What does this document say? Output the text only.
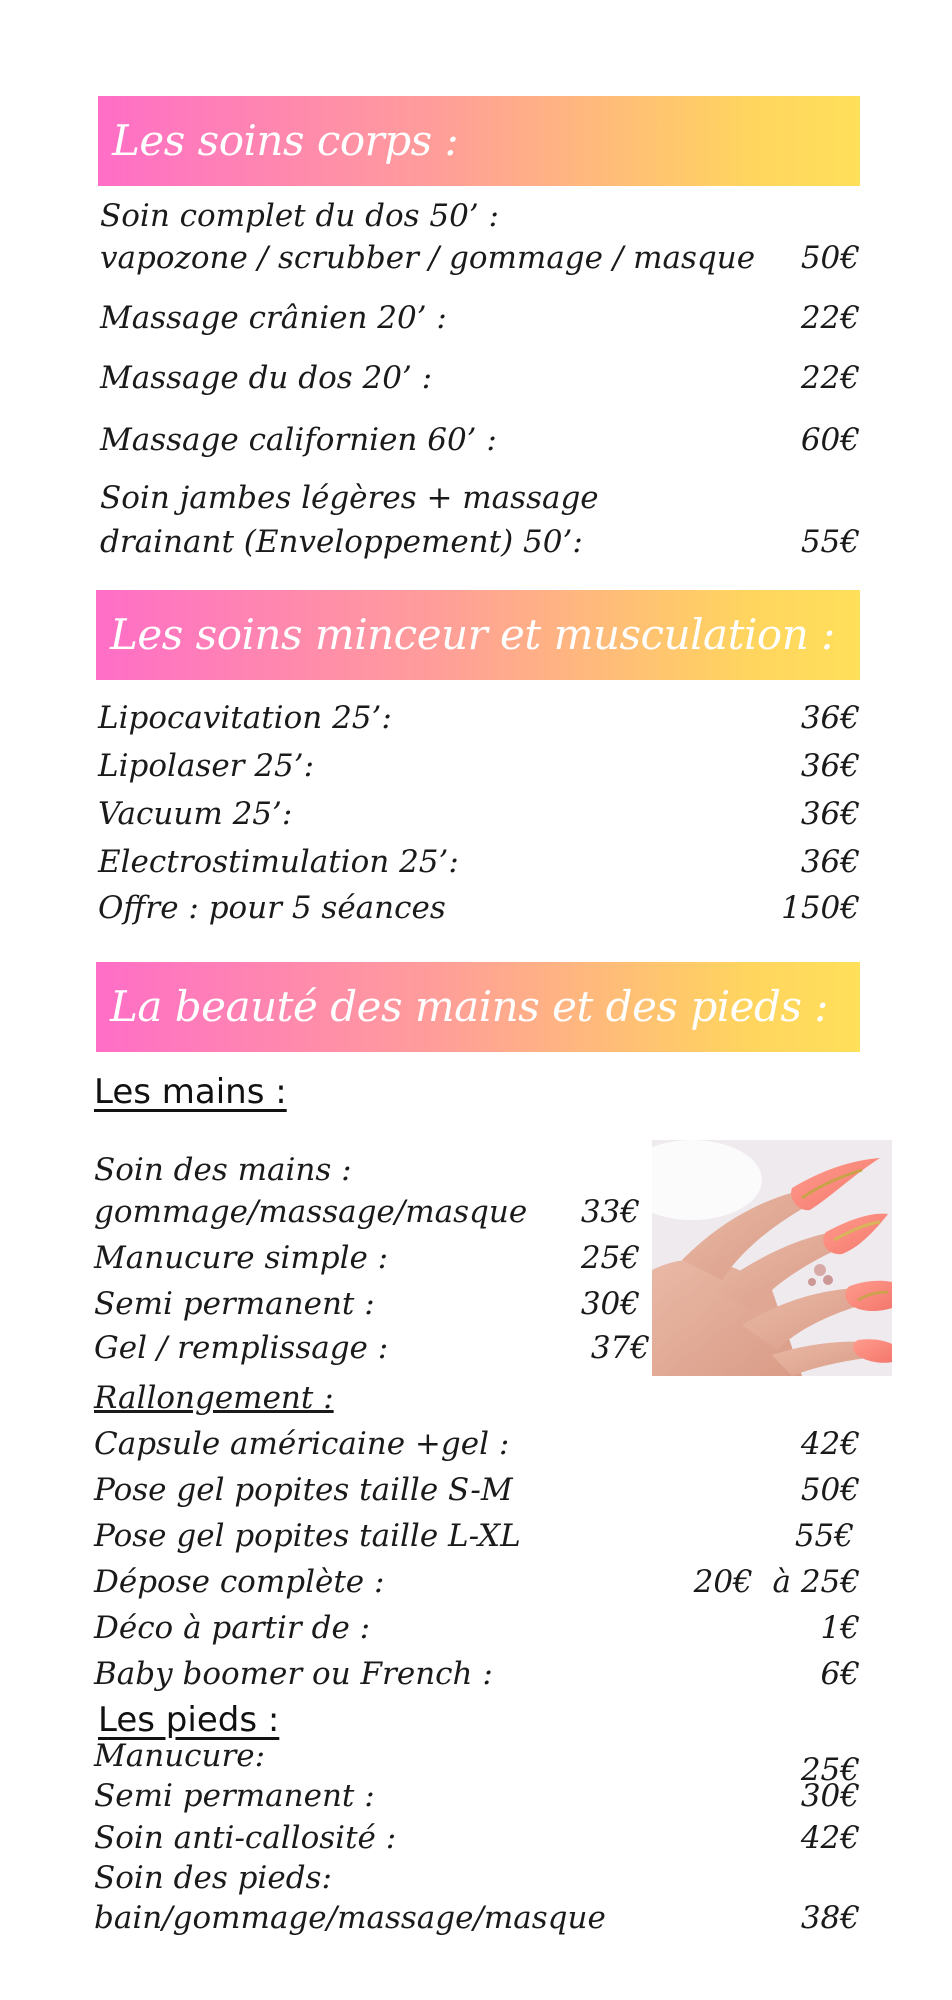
Les soins corps :
Soin complet du dos 50’ :
vapozone / scrubber / gommage / masque 50€
Massage crânien 20’ :	22€
Massage du dos 20’ :	22€
Massage californien 60’ :	60€
Soin jambes légères + massage
drainant (Enveloppement) 50’:	55€
Les soins minceur et musculation :
Lipocavitation 25’:	36€
Lipolaser 25’:	36€
Vacuum 25’:	36€
Electrostimulation 25’:	36€
Offre : pour 5 séances	150€
La beauté des mains et des pieds :
Les mains :
Soin des mains :
gommage/massage/masque 33€
Manucure simple :	25€
Semi permanent :	30€
Gel / remplissage :	37€
Rallongement :
Capsule américaine +gel :	42€
Pose gel popites taille S-M	50€
Pose gel popites taille L-XL	55€
Dépose complète :	20€  à 25€
Déco à partir de :	1€
Baby boomer ou French :	6€
Les pieds :
Manucure:	25€
Semi permanent :	30€
Soin anti-callosité :	42€
Soin des pieds:
bain/gommage/massage/masque	38€
